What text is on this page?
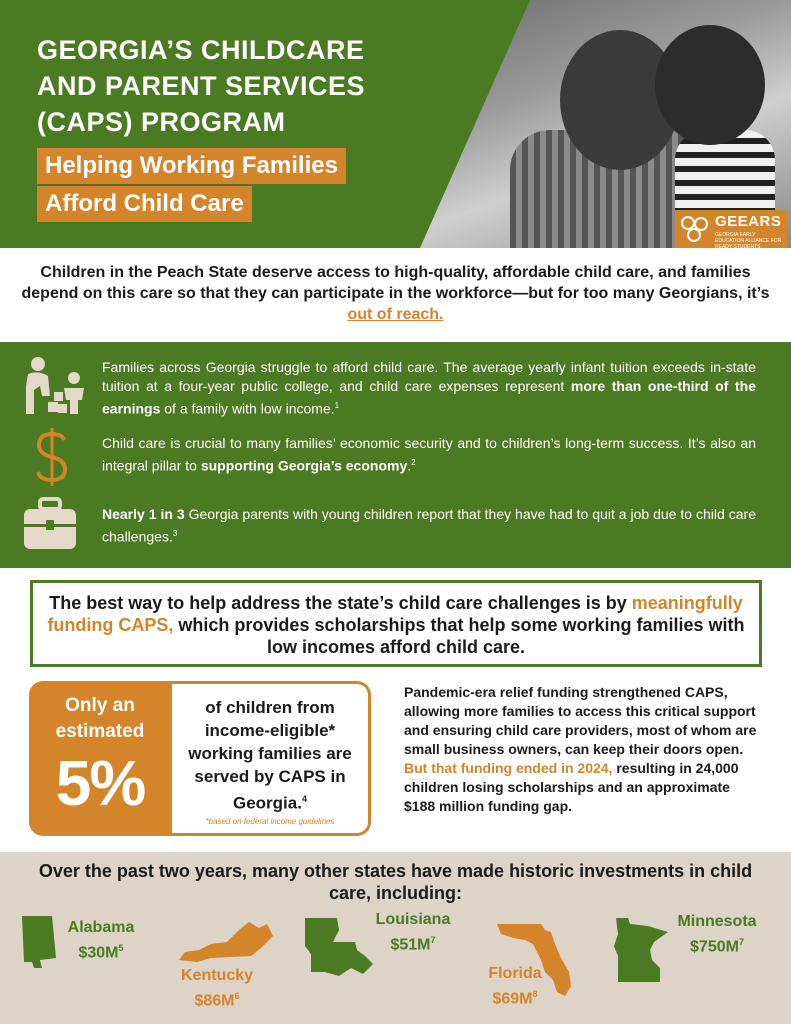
GEORGIA’S CHILDCARE
AND PARENT SERVICES
(CAPS) PROGRAM
Helping Working Families
Afford Child Care
GEEARS
GEORGIA EARLY EDUCATION ALLIANCE FOR READY STUDENTS
Children in the Peach State deserve access to high-quality, affordable child care, and families depend on this care so that they can participate in the workforce—but for too many Georgians, it’s out of reach.
Families across Georgia struggle to afford child care. The average yearly infant tuition exceeds in-state tuition at a four-year public college, and child care expenses represent more than one-third of the earnings of a family with low income.$^1$
Child care is crucial to many families’ economic security and to children’s long-term success. It’s also an integral pillar to supporting Georgia’s economy.$^2$
Nearly 1 in 3 Georgia parents with young children report that they have had to quit a job due to child care challenges.$^3$

The best way to help address the state’s child care challenges is by meaningfully funding CAPS, which provides scholarships that help some working families with low incomes afford child care.

Only an estimated
5%
of children from income-eligible* working families are served by CAPS in Georgia.$^4$
*based on federal income guidelines
Pandemic-era relief funding strengthened CAPS, allowing more families to access this critical support and ensuring child care providers, most of whom are small business owners, can keep their doors open. But that funding ended in 2024, resulting in 24,000 children losing scholarships and an approximate $188 million funding gap.
Over the past two years, many other states have made historic investments in child care, including:
Alabama
$\$30M^5$
Kentucky
$\$86M^6$
Louisiana
$\$51M^7$
Florida
$\$69M^8$
Minnesota
$\$750M^7$
